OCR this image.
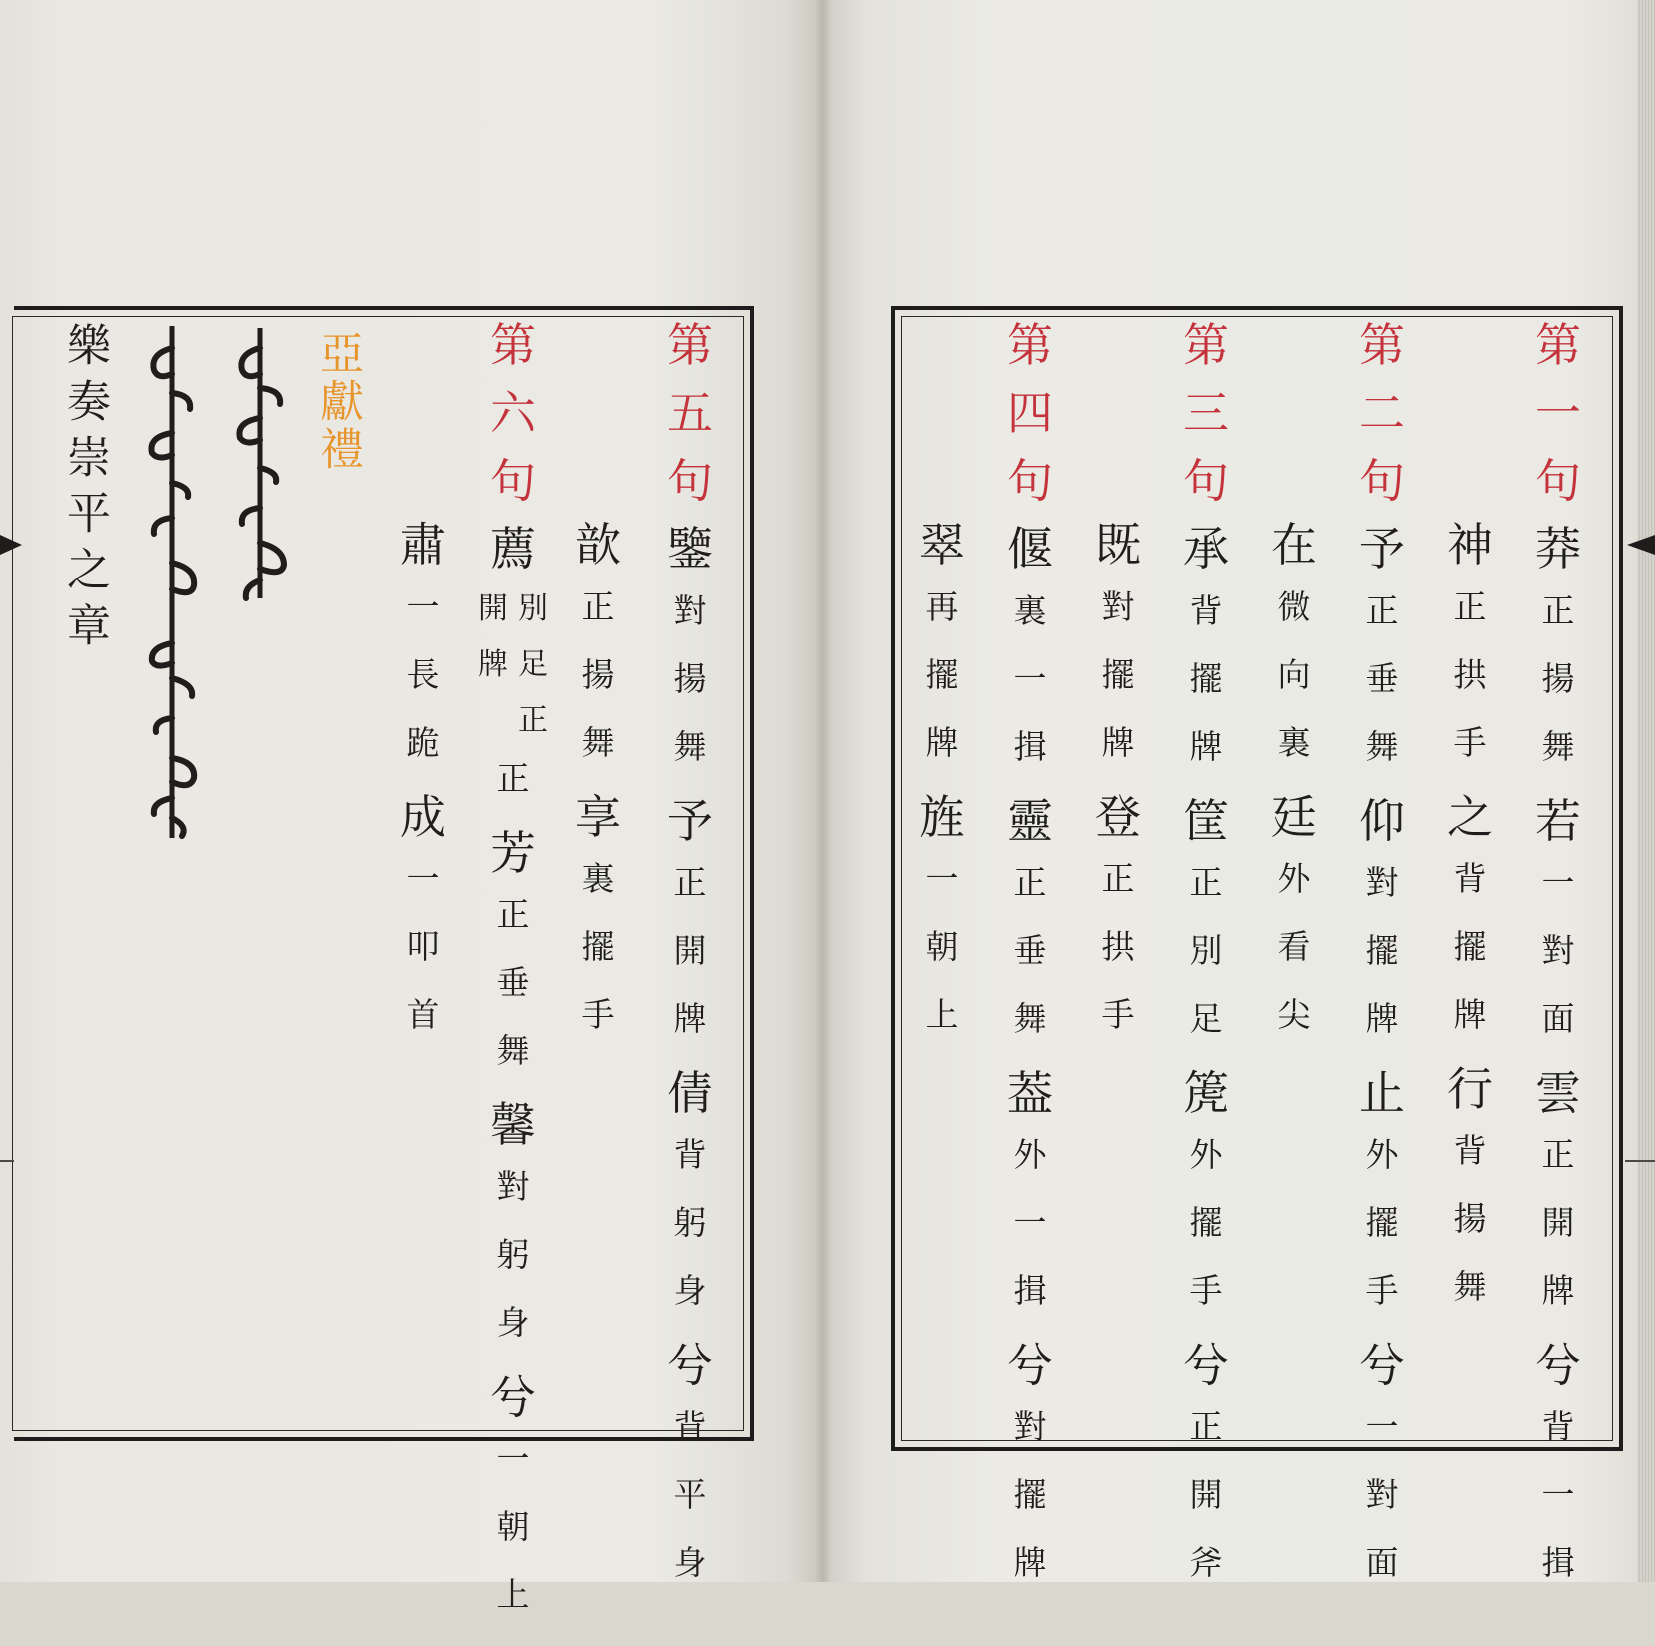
第
五
句
鑒
對
揚
舞
予
正
開
牌
倩
背
躬
身
兮
背
平
身
歆
正
揚
舞
享
裏
擺
手
第
六
句
薦
別
足
正
開
牌
正
芳
正
垂
舞
馨
對
躬
身
兮
一
朝
上
肅
一
長
跪
成
一
叩
首
亞獻禮
樂奏崇平之章	第
一
句
莽
正
揚
舞
若
一
對
面
雲
正
開
牌
兮
背
一
揖
神
正
拱
手
之
背
擺
牌
行
背
揚
舞
第
二
句
予
正
垂
舞
仰
對
擺
牌
止
外
擺
手
兮
一
對
面
在
微
向
裏
廷
外
看
尖
第
三
句
承
背
擺
牌
筐
正
別
足
箎
外
擺
手
兮
正
開
斧
既
對
擺
牌
登
正
拱
手
第
四
句
偃
裏
一
揖
靈
正
垂
舞
葢
外
一
揖
兮
對
擺
牌
翠
再
擺
牌
旌
一
朝
上
